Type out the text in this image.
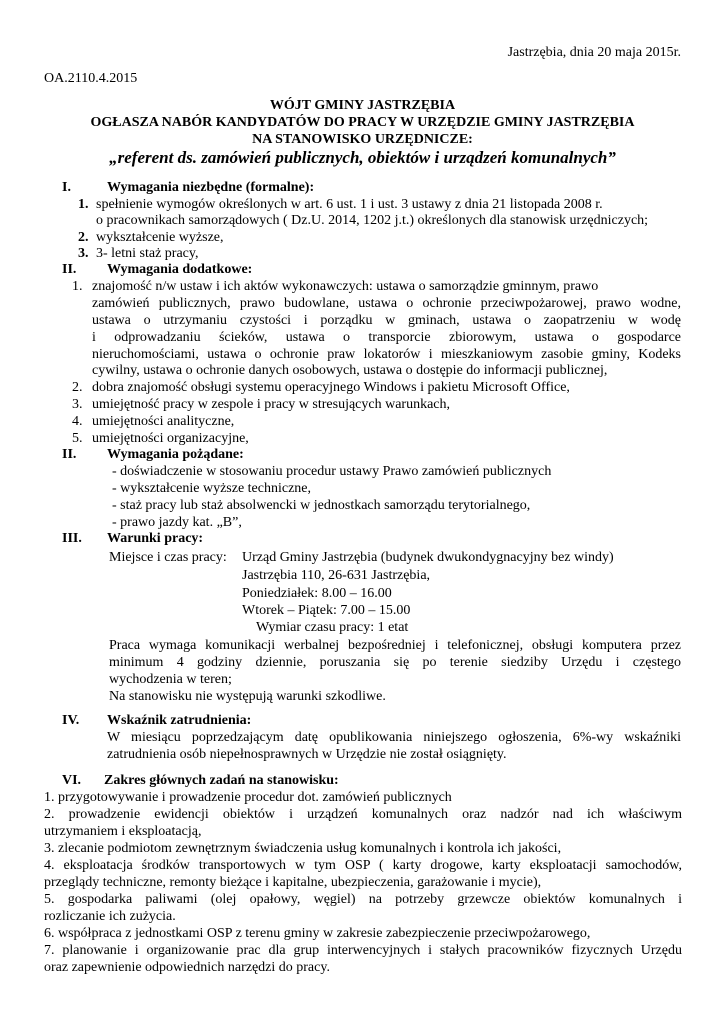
Jastrzębia, dnia 20 maja 2015r.
OA.2110.4.2015
WÓJT GMINY JASTRZĘBIA
OGŁASZA NABÓR KANDYDATÓW DO PRACY W URZĘDZIE GMINY JASTRZĘBIA
NA STANOWISKO URZĘDNICZE:
„referent ds. zamówień publicznych, obiektów i urządzeń komunalnych”
I.	Wymagania niezbędne (formalne):
1. spełnienie wymogów określonych w art. 6 ust. 1 i ust. 3 ustawy z dnia 21 listopada 2008 r.
o pracownikach samorządowych ( Dz.U. 2014, 1202 j.t.) określonych dla stanowisk urzędniczych;
2. wykształcenie wyższe,
3. 3- letni staż pracy,
II. Wymagania dodatkowe:
1. znajomość n/w ustaw i ich aktów wykonawczych: ustawa o samorządzie gminnym, prawo
zamówień publicznych, prawo budowlane, ustawa o ochronie przeciwpożarowej, prawo wodne,
ustawa o utrzymaniu czystości i porządku w gminach, ustawa o zaopatrzeniu w wodę
i odprowadzaniu ścieków, ustawa o transporcie zbiorowym, ustawa o gospodarce
nieruchomościami, ustawa o ochronie praw lokatorów i mieszkaniowym zasobie gminy, Kodeks
cywilny, ustawa o ochronie danych osobowych, ustawa o dostępie do informacji publicznej,
2. dobra znajomość obsługi systemu operacyjnego Windows i pakietu Microsoft Office,
3. umiejętność pracy w zespole i pracy w stresujących warunkach,
4. umiejętności analityczne,
5. umiejętności organizacyjne,
II. Wymagania pożądane:
- doświadczenie w stosowaniu procedur ustawy Prawo zamówień publicznych
- wykształcenie wyższe techniczne,
- staż pracy lub staż absolwencki w jednostkach samorządu terytorialnego,
- prawo jazdy kat. „B”,
III. Warunki pracy:
Miejsce i czas pracy: Urząd Gminy Jastrzębia (budynek dwukondygnacyjny bez windy)
Jastrzębia 110, 26-631 Jastrzębia,
Poniedziałek: 8.00 – 16.00
Wtorek – Piątek: 7.00 – 15.00
Wymiar czasu pracy: 1 etat
Praca wymaga komunikacji werbalnej bezpośredniej i telefonicznej, obsługi komputera przez
minimum 4 godziny dziennie, poruszania się po terenie siedziby Urzędu i częstego
wychodzenia w teren;
Na stanowisku nie występują warunki szkodliwe.
IV. Wskaźnik zatrudnienia:
W miesiącu poprzedzającym datę opublikowania niniejszego ogłoszenia, 6%-wy wskaźniki
zatrudnienia osób niepełnosprawnych w Urzędzie nie został osiągnięty.
VI. Zakres głównych zadań na stanowisku:
1. przygotowywanie i prowadzenie procedur dot. zamówień publicznych
2. prowadzenie ewidencji obiektów i urządzeń komunalnych oraz nadzór nad ich właściwym
utrzymaniem i eksploatacją,
3. zlecanie podmiotom zewnętrznym świadczenia usług komunalnych i kontrola ich jakości,
4. eksploatacja środków transportowych w tym OSP ( karty drogowe, karty eksploatacji samochodów,
przeglądy techniczne, remonty bieżące i kapitalne, ubezpieczenia, garażowanie i mycie),
5. gospodarka paliwami (olej opałowy, węgiel) na potrzeby grzewcze obiektów komunalnych i
rozliczanie ich zużycia.
6. współpraca z jednostkami OSP z terenu gminy w zakresie zabezpieczenie przeciwpożarowego,
7. planowanie i organizowanie prac dla grup interwencyjnych i stałych pracowników fizycznych Urzędu
oraz zapewnienie odpowiednich narzędzi do pracy.
